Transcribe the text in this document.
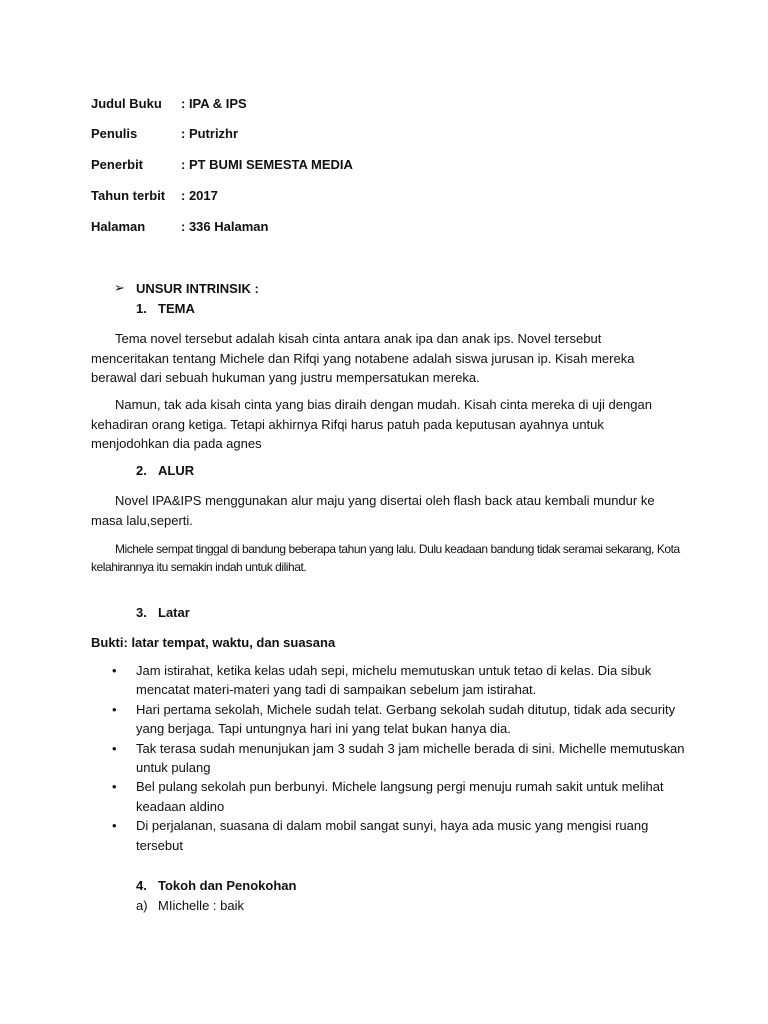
Judul Buku : IPA & IPS
Penulis	: Putrizhr
Penerbit	: PT BUMI SEMESTA MEDIA
Tahun terbit : 2017
Halaman	: 336 Halaman
➢ UNSUR INTRINSIK :
1. TEMA
Tema novel tersebut adalah kisah cinta antara anak ipa dan anak ips. Novel tersebut menceritakan tentang Michele dan Rifqi yang notabene adalah siswa jurusan ip. Kisah mereka berawal dari sebuah hukuman yang justru mempersatukan mereka.
Namun, tak ada kisah cinta yang bias diraih dengan mudah. Kisah cinta mereka di uji dengan kehadiran orang ketiga. Tetapi akhirnya Rifqi harus patuh pada keputusan ayahnya untuk menjodohkan dia pada agnes
2. ALUR
Novel IPA&IPS menggunakan alur maju yang disertai oleh flash back atau kembali mundur ke masa lalu,seperti.
Michele sempat tinggal di bandung beberapa tahun yang lalu. Dulu keadaan bandung tidak seramai sekarang, Kota kelahirannya itu semakin indah untuk dilihat.
3. Latar
Bukti: latar tempat, waktu, dan suasana
• Jam istirahat, ketika kelas udah sepi, michelu memutuskan untuk tetao di kelas. Dia sibuk mencatat materi-materi yang tadi di sampaikan sebelum jam istirahat.
• Hari pertama sekolah, Michele sudah telat. Gerbang sekolah sudah ditutup, tidak ada security yang berjaga. Tapi untungnya hari ini yang telat bukan hanya dia.
• Tak terasa sudah menunjukan jam 3 sudah 3 jam michelle berada di sini. Michelle memutuskan untuk pulang
• Bel pulang sekolah pun berbunyi. Michele langsung pergi menuju rumah sakit untuk melihat keadaan aldino
• Di perjalanan, suasana di dalam mobil sangat sunyi, haya ada music yang mengisi ruang tersebut
4. Tokoh dan Penokohan
a) MIichelle : baik
